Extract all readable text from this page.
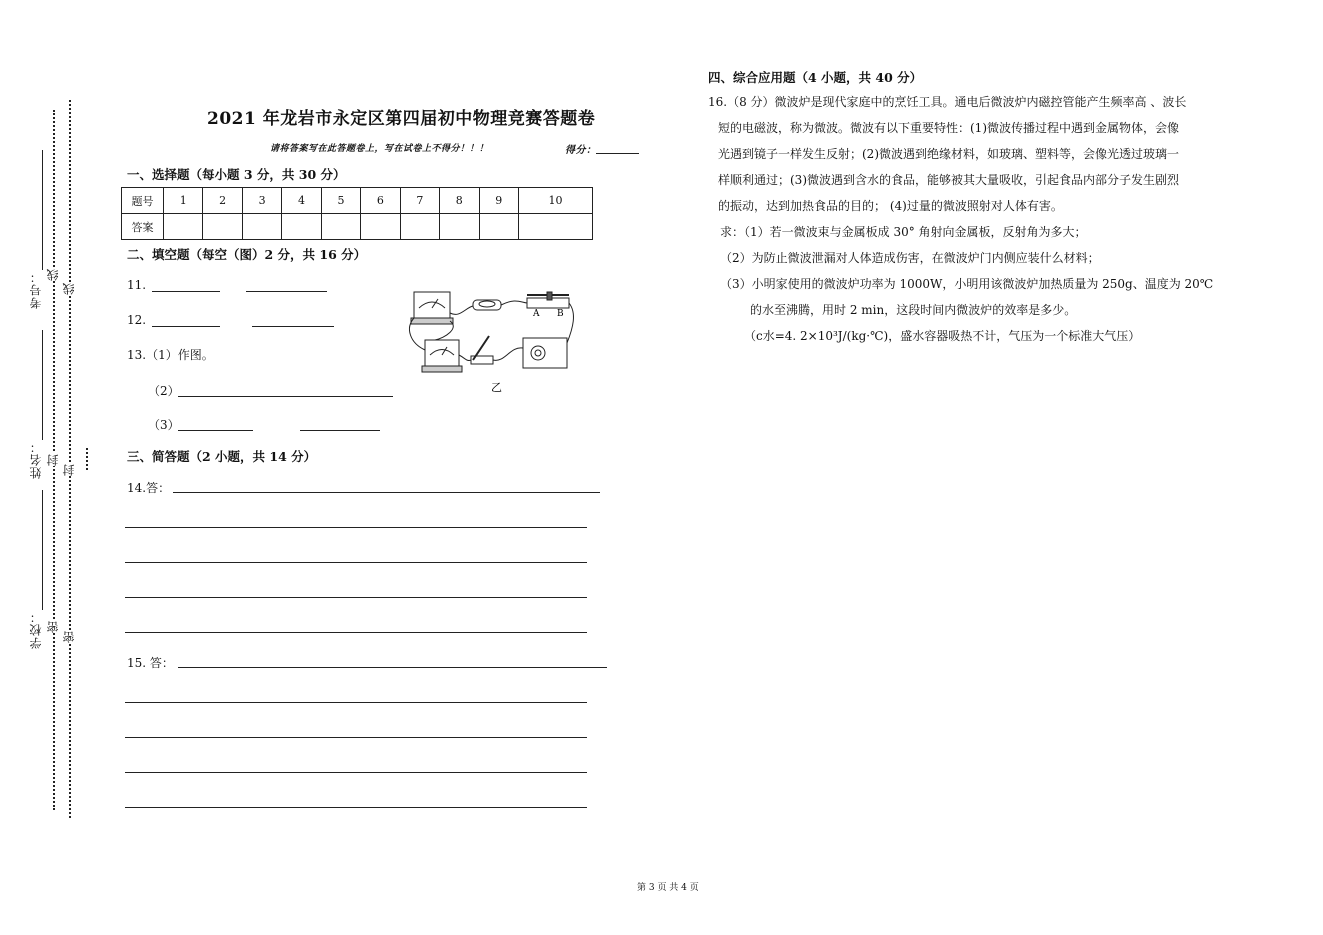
考号：
姓名：
学校：
线
线
封
封
密
密
2021 年龙岩市永定区第四届初中物理竞赛答题卷
请将答案写在此答题卷上，写在试卷上不得分！！！	得分：
一、选择题（每小题 3 分，共 30 分）
题号	1	2	3	4	5	6	7	8	9	10
答案										
二、填空题（每空（图）2 分，共 16 分）
11.
12.
13.（1）作图。
（2）
（3）
A B
乙
三、简答题（2 小题，共 14 分）
14.答：
15. 答：
四、综合应用题（4 小题，共 40 分）
16.（8 分）微波炉是现代家庭中的烹饪工具。通电后微波炉内磁控管能产生频率高 、波长
短的电磁波，称为微波。微波有以下重要特性：(1)微波传播过程中遇到金属物体，会像
光遇到镜子一样发生反射；(2)微波遇到绝缘材料，如玻璃、塑料等，会像光透过玻璃一
样顺利通过；(3)微波遇到含水的食品，能够被其大量吸收，引起食品内部分子发生剧烈
的振动，达到加热食品的目的； (4)过量的微波照射对人体有害。
求：（1）若一微波束与金属板成 30° 角射向金属板，反射角为多大；
（2）为防止微波泄漏对人体造成伤害，在微波炉门内侧应装什么材料；
（3）小明家使用的微波炉功率为 1000W，小明用该微波炉加热质量为 250g、温度为 20℃
的水至沸腾，用时 2 min，这段时间内微波炉的效率是多少。
（c水=4. 2×10³J/(kg·℃)，盛水容器吸热不计，气压为一个标准大气压）
第 3 页 共 4 页
